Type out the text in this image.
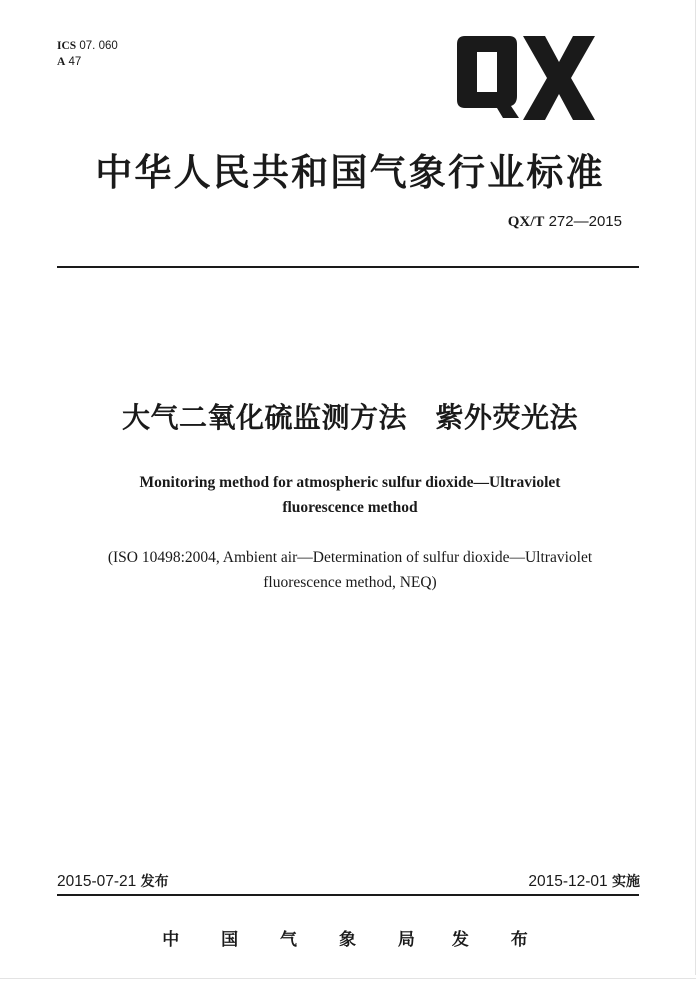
ICS 07. 060
A 47
中华人民共和国气象行业标准
QX/T 272—2015
大气二氧化硫监测方法　紫外荧光法
Monitoring method for atmospheric sulfur dioxide—Ultraviolet
fluorescence method
(ISO 10498:2004, Ambient air—Determination of sulfur dioxide—Ultraviolet
fluorescence method, NEQ)
2015-07-21 发布	2015-12-01 实施
中 国 气 象 局　发 布
